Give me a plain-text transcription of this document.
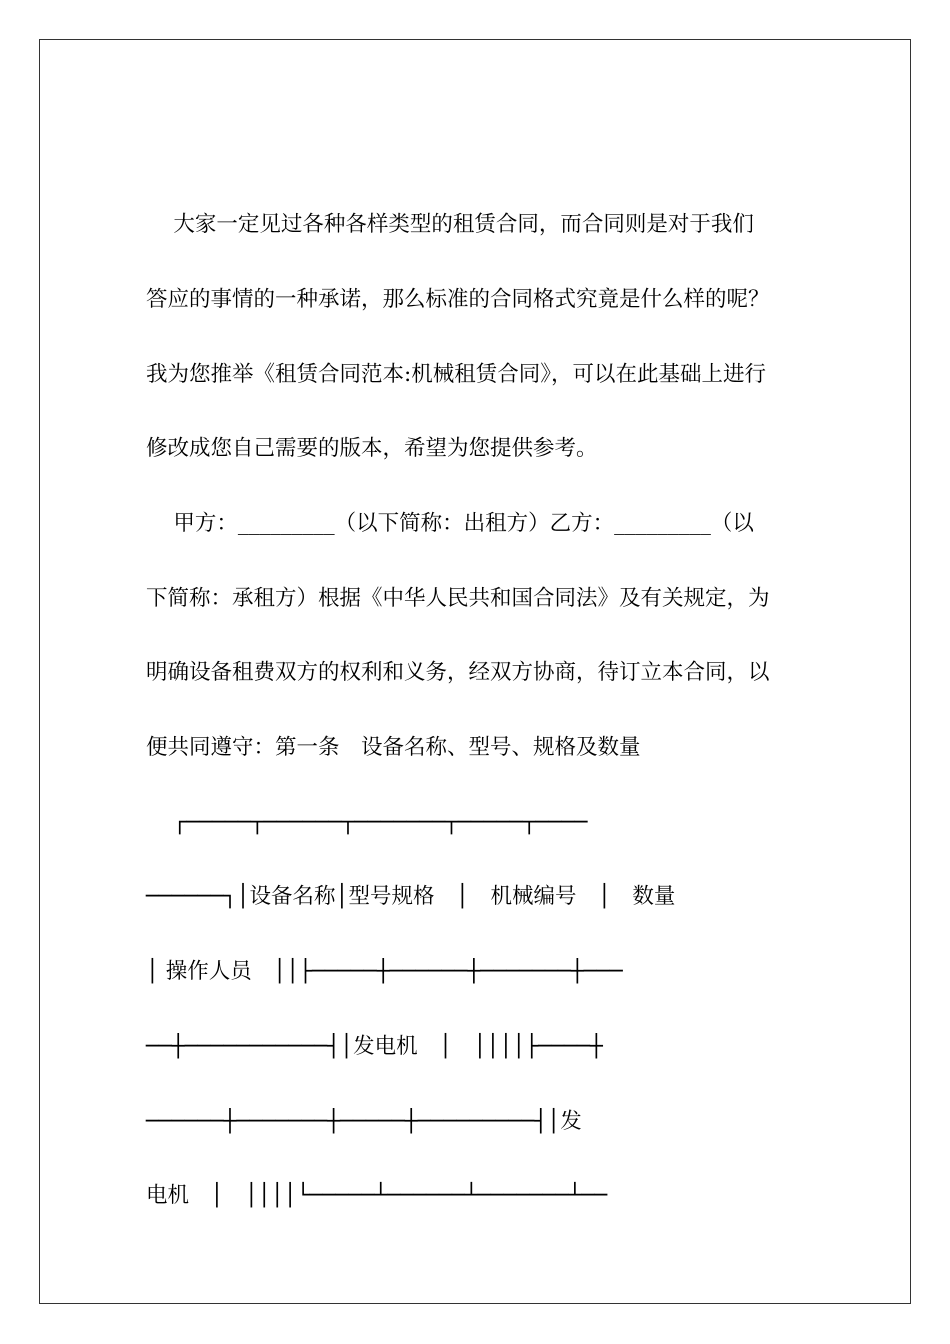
大家一定见过各种各样类型的租赁合同，而合同则是对于我们
答应的事情的一种承诺，那么标准的合同格式究竟是什么样的呢？
我为您推举《租赁合同范本:机械租赁合同》，可以在此基础上进行
修改成您自己需要的版本，希望为您提供参考。
甲方：_________（以下简称：出租方）乙方：_________（以
下简称：承租方）根据《中华人民共和国合同法》及有关规定，为
明确设备租费双方的权利和义务，经双方协商，待订立本合同，以
便共同遵守：第一条　设备名称、型号、规格及数量
┌─────┬──────┬───────┬─────┬────
──────┐│设备名称│型号规格　│　机械编号　│　数量
│ 操作人员　││├─────┼──────┼───────┼───
──┼───────────┤│发电机　│　││││├────┼
──────┼───────┼─────┼─────────┤│发
电机　│　││││└─────┴──────┴───────┴──
